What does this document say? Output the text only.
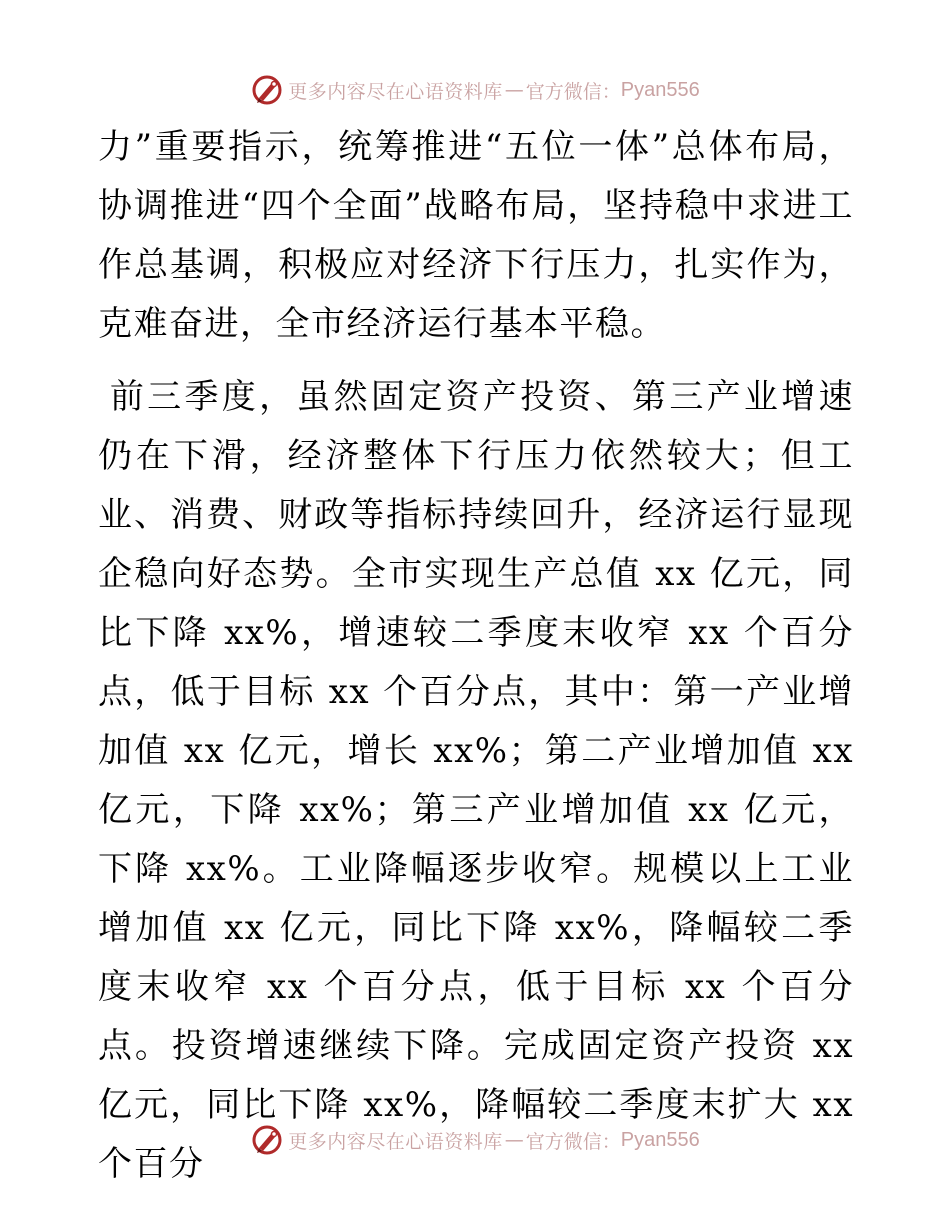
更多内容尽在心语资料库 — 官方微信： Pyan556

力”重要指示，统筹推进“五位一体”总体布局，协调推进“四个全面”战略布局，坚持稳中求进工作总基调，积极应对经济下行压力，扎实作为，克难奋进，全市经济运行基本平稳。

前三季度，虽然固定资产投资、第三产业增速仍在下滑，经济整体下行压力依然较大；但工业、消费、财政等指标持续回升，经济运行显现企稳向好态势。全市实现生产总值 xx 亿元，同比下降 xx%，增速较二季度末收窄 xx 个百分点，低于目标 xx 个百分点，其中：第一产业增加值 xx 亿元，增长 xx%；第二产业增加值 xx 亿元，下降 xx%；第三产业增加值 xx 亿元，下降 xx%。工业降幅逐步收窄。规模以上工业增加值 xx 亿元，同比下降 xx%，降幅较二季度末收窄 xx 个百分点，低于目标 xx 个百分点。投资增速继续下降。完成固定资产投资 xx 亿元，同比下降 xx%，降幅较二季度末扩大 xx 个百分

更多内容尽在心语资料库 — 官方微信： Pyan556
